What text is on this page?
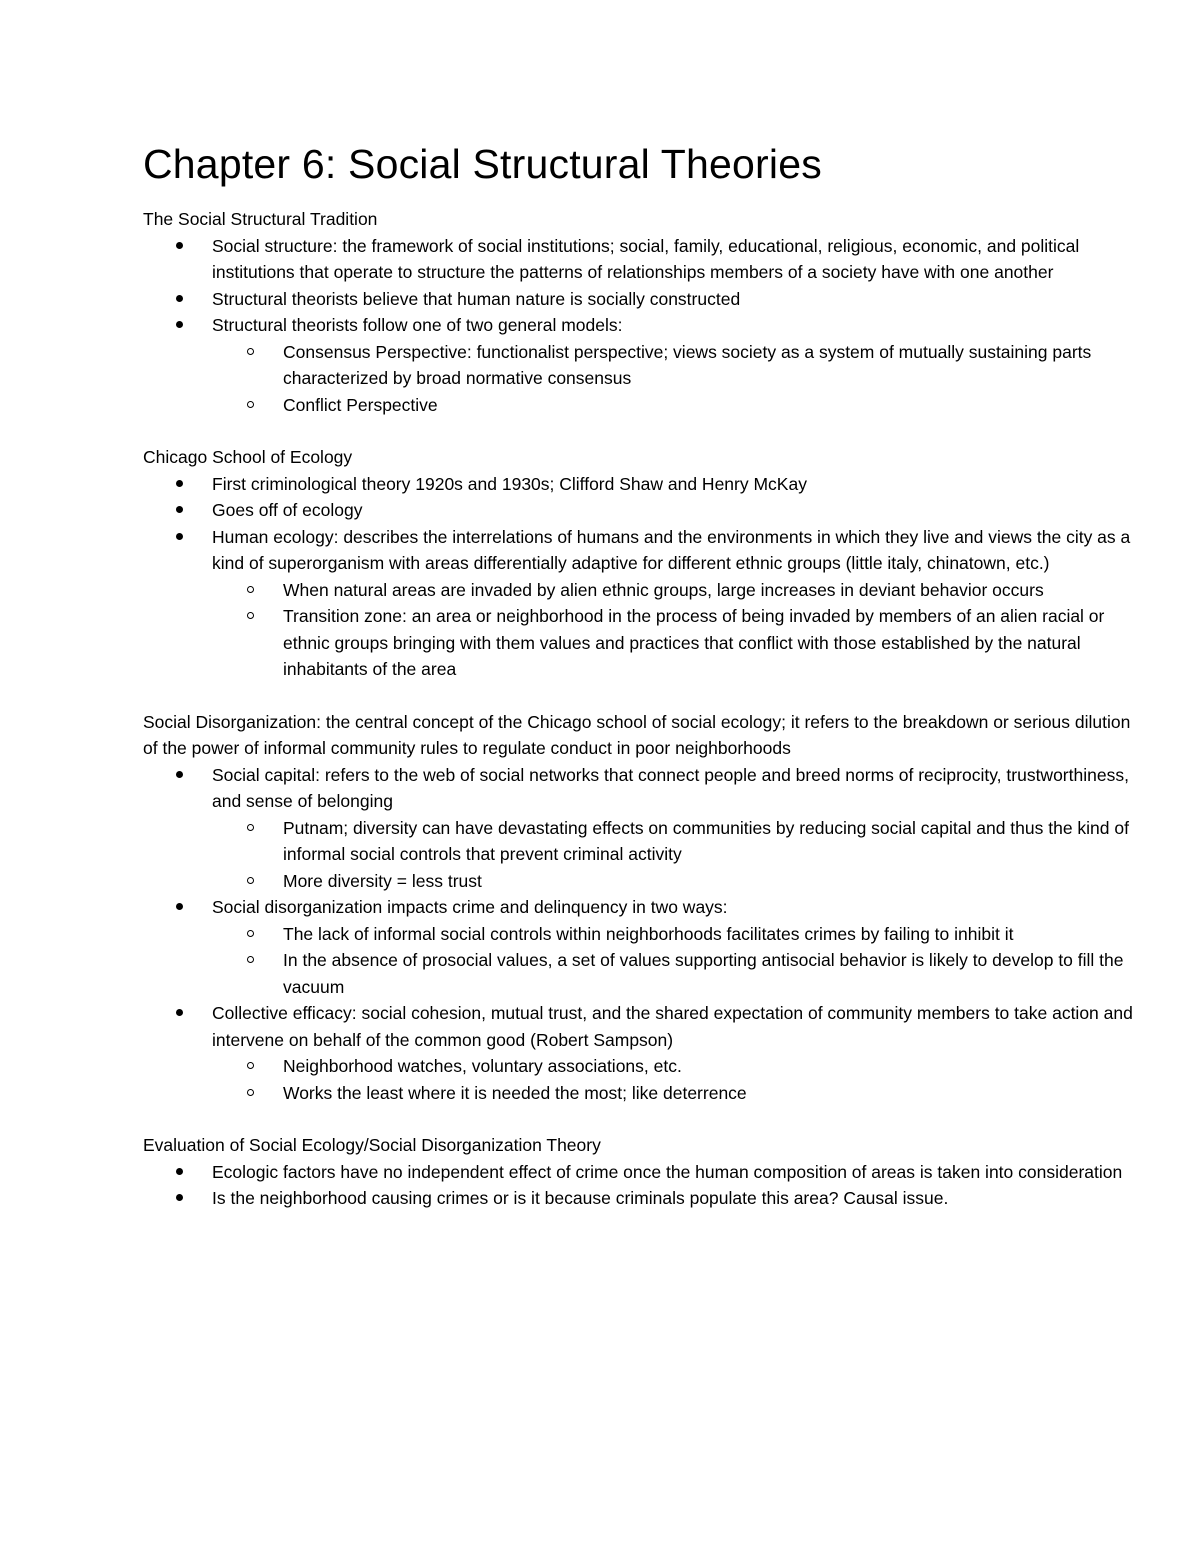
Chapter 6: Social Structural Theories
The Social Structural Tradition
Social structure: the framework of social institutions; social, family, educational, religious, economic, and political institutions that operate to structure the patterns of relationships members of a society have with one another
Structural theorists believe that human nature is socially constructed
Structural theorists follow one of two general models:
Consensus Perspective: functionalist perspective; views society as a system of mutually sustaining parts characterized by broad normative consensus
Conflict Perspective
Chicago School of Ecology
First criminological theory 1920s and 1930s; Clifford Shaw and Henry McKay
Goes off of ecology
Human ecology: describes the interrelations of humans and the environments in which they live and views the city as a kind of superorganism with areas differentially adaptive for different ethnic groups (little italy, chinatown, etc.)
When natural areas are invaded by alien ethnic groups, large increases in deviant behavior occurs
Transition zone: an area or neighborhood in the process of being invaded by members of an alien racial or ethnic groups bringing with them values and practices that conflict with those established by the natural inhabitants of the area
Social Disorganization: the central concept of the Chicago school of social ecology; it refers to the breakdown or serious dilution of the power of informal community rules to regulate conduct in poor neighborhoods
Social capital: refers to the web of social networks that connect people and breed norms of reciprocity, trustworthiness, and sense of belonging
Putnam; diversity can have devastating effects on communities by reducing social capital and thus the kind of informal social controls that prevent criminal activity
More diversity = less trust
Social disorganization impacts crime and delinquency in two ways:
The lack of informal social controls within neighborhoods facilitates crimes by failing to inhibit it
In the absence of prosocial values, a set of values supporting antisocial behavior is likely to develop to fill the vacuum
Collective efficacy: social cohesion, mutual trust, and the shared expectation of community members to take action and intervene on behalf of the common good (Robert Sampson)
Neighborhood watches, voluntary associations, etc.
Works the least where it is needed the most; like deterrence
Evaluation of Social Ecology/Social Disorganization Theory
Ecologic factors have no independent effect of crime once the human composition of areas is taken into consideration
Is the neighborhood causing crimes or is it because criminals populate this area? Causal issue.
